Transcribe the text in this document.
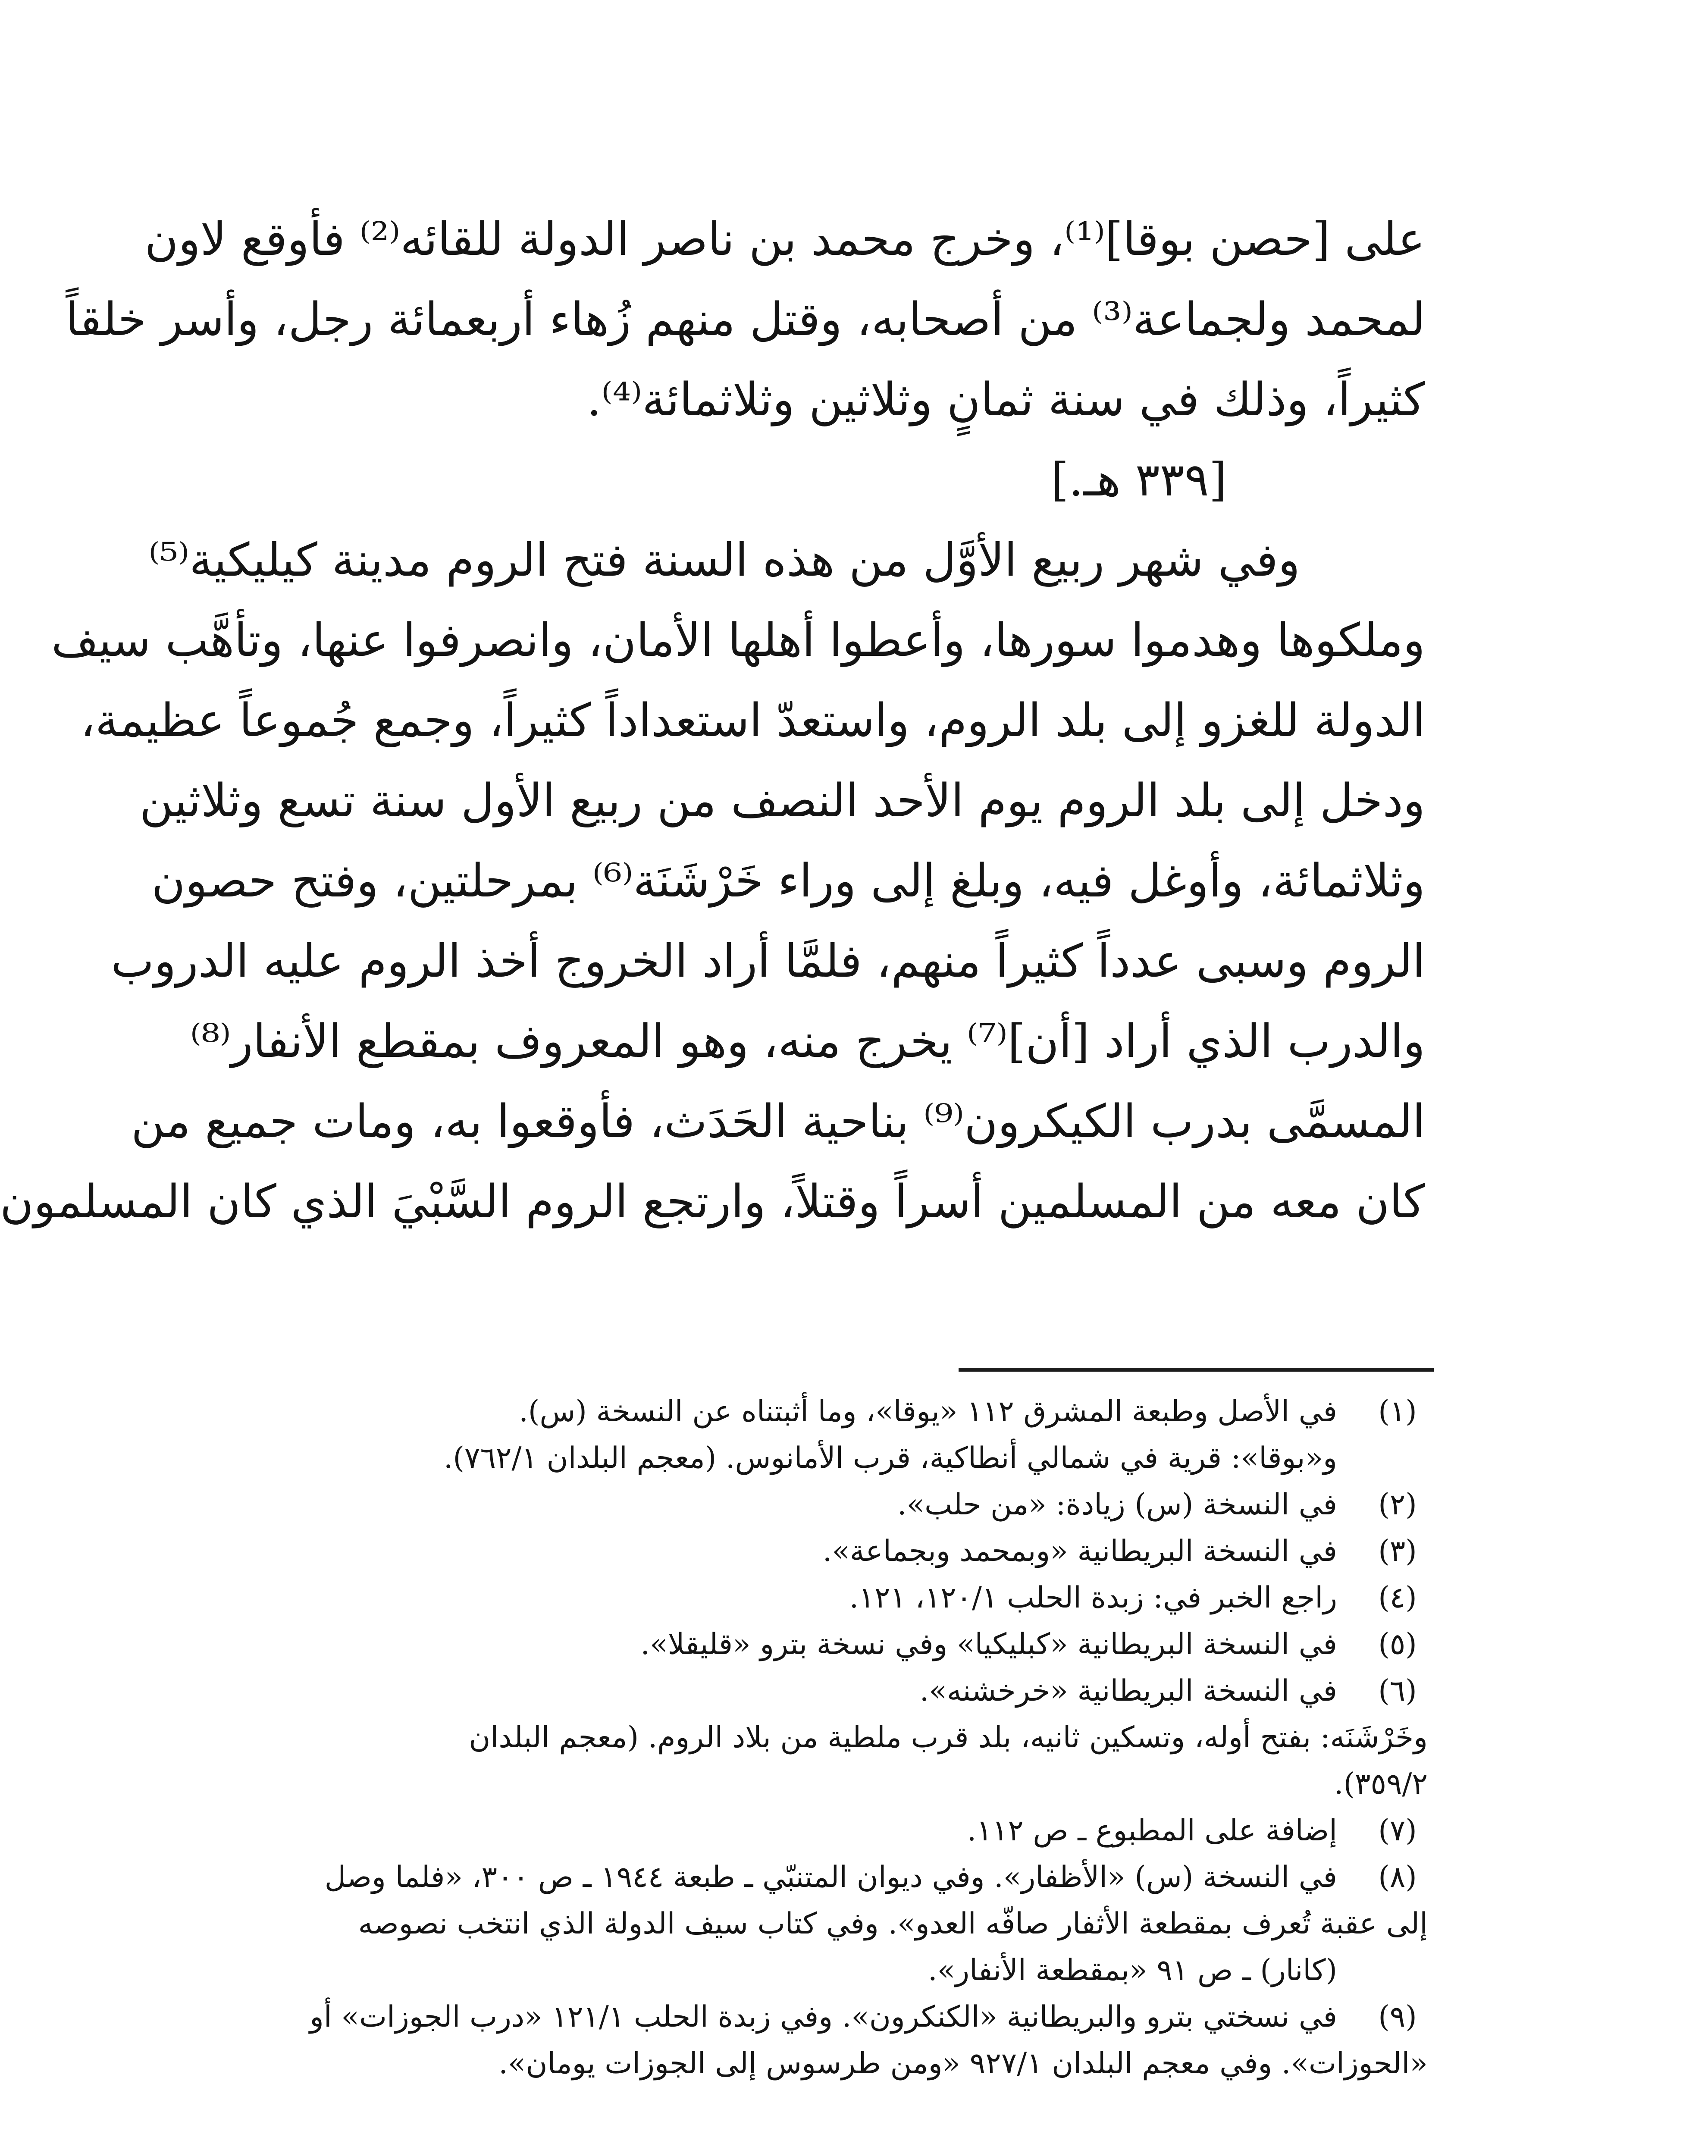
على [حصن بوقا]⁽¹⁾، وخرج محمد بن ناصر الدولة للقائه⁽²⁾ فأوقع لاون
لمحمد ولجماعة⁽³⁾ من أصحابه، وقتل منهم زُهاء أربعمائة رجل، وأسر خلقاً
كثيراً، وذلك في سنة ثمانٍ وثلاثين وثلاثمائة⁽⁴⁾.
[٣٣٩ هـ.]
وفي شهر ربيع الأوَّل من هذه السنة فتح الروم مدينة كيليكية⁽⁵⁾
وملكوها وهدموا سورها، وأعطوا أهلها الأمان، وانصرفوا عنها، وتأهَّب سيف
الدولة للغزو إلى بلد الروم، واستعدّ استعداداً كثيراً، وجمع جُموعاً عظيمة،
ودخل إلى بلد الروم يوم الأحد النصف من ربيع الأول سنة تسع وثلاثين
وثلاثمائة، وأوغل فيه، وبلغ إلى وراء خَرْشَنَة⁽⁶⁾ بمرحلتين، وفتح حصون
الروم وسبى عدداً كثيراً منهم، فلمَّا أراد الخروج أخذ الروم عليه الدروب
والدرب الذي أراد [أن]⁽⁷⁾ يخرج منه، وهو المعروف بمقطع الأنفار⁽⁸⁾
المسمَّى بدرب الكيكرون⁽⁹⁾ بناحية الحَدَث، فأوقعوا به، ومات جميع من
كان معه من المسلمين أسراً وقتلاً، وارتجع الروم السَّبْيَ الذي كان المسلمون
(١)
في الأصل وطبعة المشرق ١١٢ «يوقا»، وما أثبتناه عن النسخة (س).
و«بوقا»: قرية في شمالي أنطاكية، قرب الأمانوس. (معجم البلدان ٧٦٢/١).
(٢)
في النسخة (س) زيادة: «من حلب».
(٣)
في النسخة البريطانية «وبمحمد وبجماعة».
(٤)
راجع الخبر في: زبدة الحلب ١٢٠/١، ١٢١.
(٥)
في النسخة البريطانية «كبليكيا» وفي نسخة بترو «قليقلا».
(٦)
في النسخة البريطانية «خرخشنه».
وخَرْشَنَه: بفتح أوله، وتسكين ثانيه، بلد قرب ملطية من بلاد الروم. (معجم البلدان
٣٥٩/٢).
(٧)
إضافة على المطبوع ـ ص ١١٢.
(٨)
في النسخة (س) «الأظفار». وفي ديوان المتنبّي ـ طبعة ١٩٤٤ ـ ص ٣٠٠، «فلما وصل
إلى عقبة تُعرف بمقطعة الأثفار صافّه العدو». وفي كتاب سيف الدولة الذي انتخب نصوصه
(كانار) ـ ص ٩١ «بمقطعة الأنفار».
(٩)
في نسختي بترو والبريطانية «الكنكرون». وفي زبدة الحلب ١٢١/١ «درب الجوزات» أو
«الحوزات». وفي معجم البلدان ٩٢٧/١ «ومن طرسوس إلى الجوزات يومان».
